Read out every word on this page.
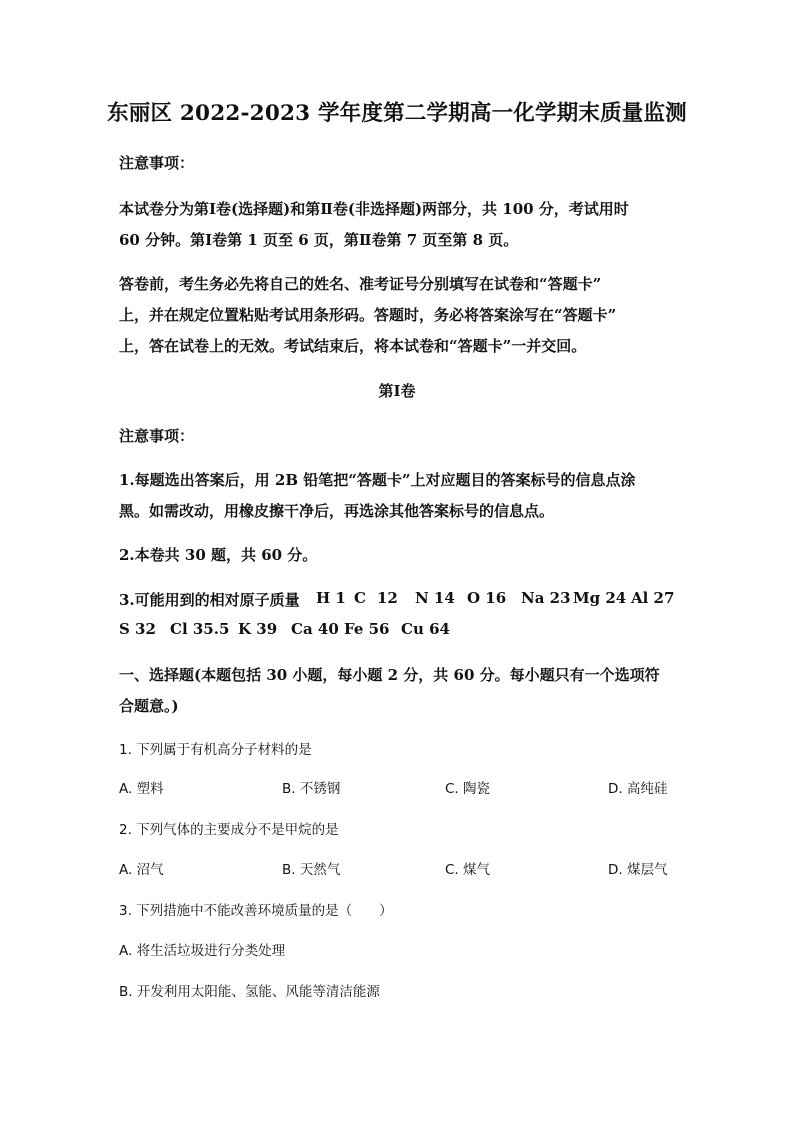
东丽区 2022-2023 学年度第二学期高一化学期末质量监测
注意事项：
本试卷分为第Ⅰ卷(选择题)和第Ⅱ卷(非选择题)两部分，共 100 分，考试用时
60 分钟。第Ⅰ卷第 1 页至 6 页，第Ⅱ卷第 7 页至第 8 页。
答卷前，考生务必先将自己的姓名、准考证号分别填写在试卷和“答题卡”
上，并在规定位置粘贴考试用条形码。答题时，务必将答案涂写在“答题卡”
上，答在试卷上的无效。考试结束后，将本试卷和“答题卡”一并交回。
第Ⅰ卷
注意事项：
1.每题选出答案后，用 2B 铅笔把“答题卡”上对应题目的答案标号的信息点涂
黑。如需改动，用橡皮擦干净后，再选涂其他答案标号的信息点。
2.本卷共 30 题，共 60 分。
3.可能用到的相对原子质量 H 1 C 12 N 14 O 16 Na 23 Mg 24 Al 27
S 32 Cl 35.5 K 39 Ca 40 Fe 56 Cu 64
一、选择题(本题包括 30 小题，每小题 2 分，共 60 分。每小题只有一个选项符
合题意。)
1. 下列属于有机高分子材料的是
A. 塑料	B. 不锈钢	C. 陶瓷	D. 高纯硅
2. 下列气体的主要成分不是甲烷的是
A. 沼气	B. 天然气	C. 煤气	D. 煤层气
3. 下列措施中不能改善环境质量的是（　　）
A. 将生活垃圾进行分类处理
B. 开发利用太阳能、氢能、风能等清洁能源
